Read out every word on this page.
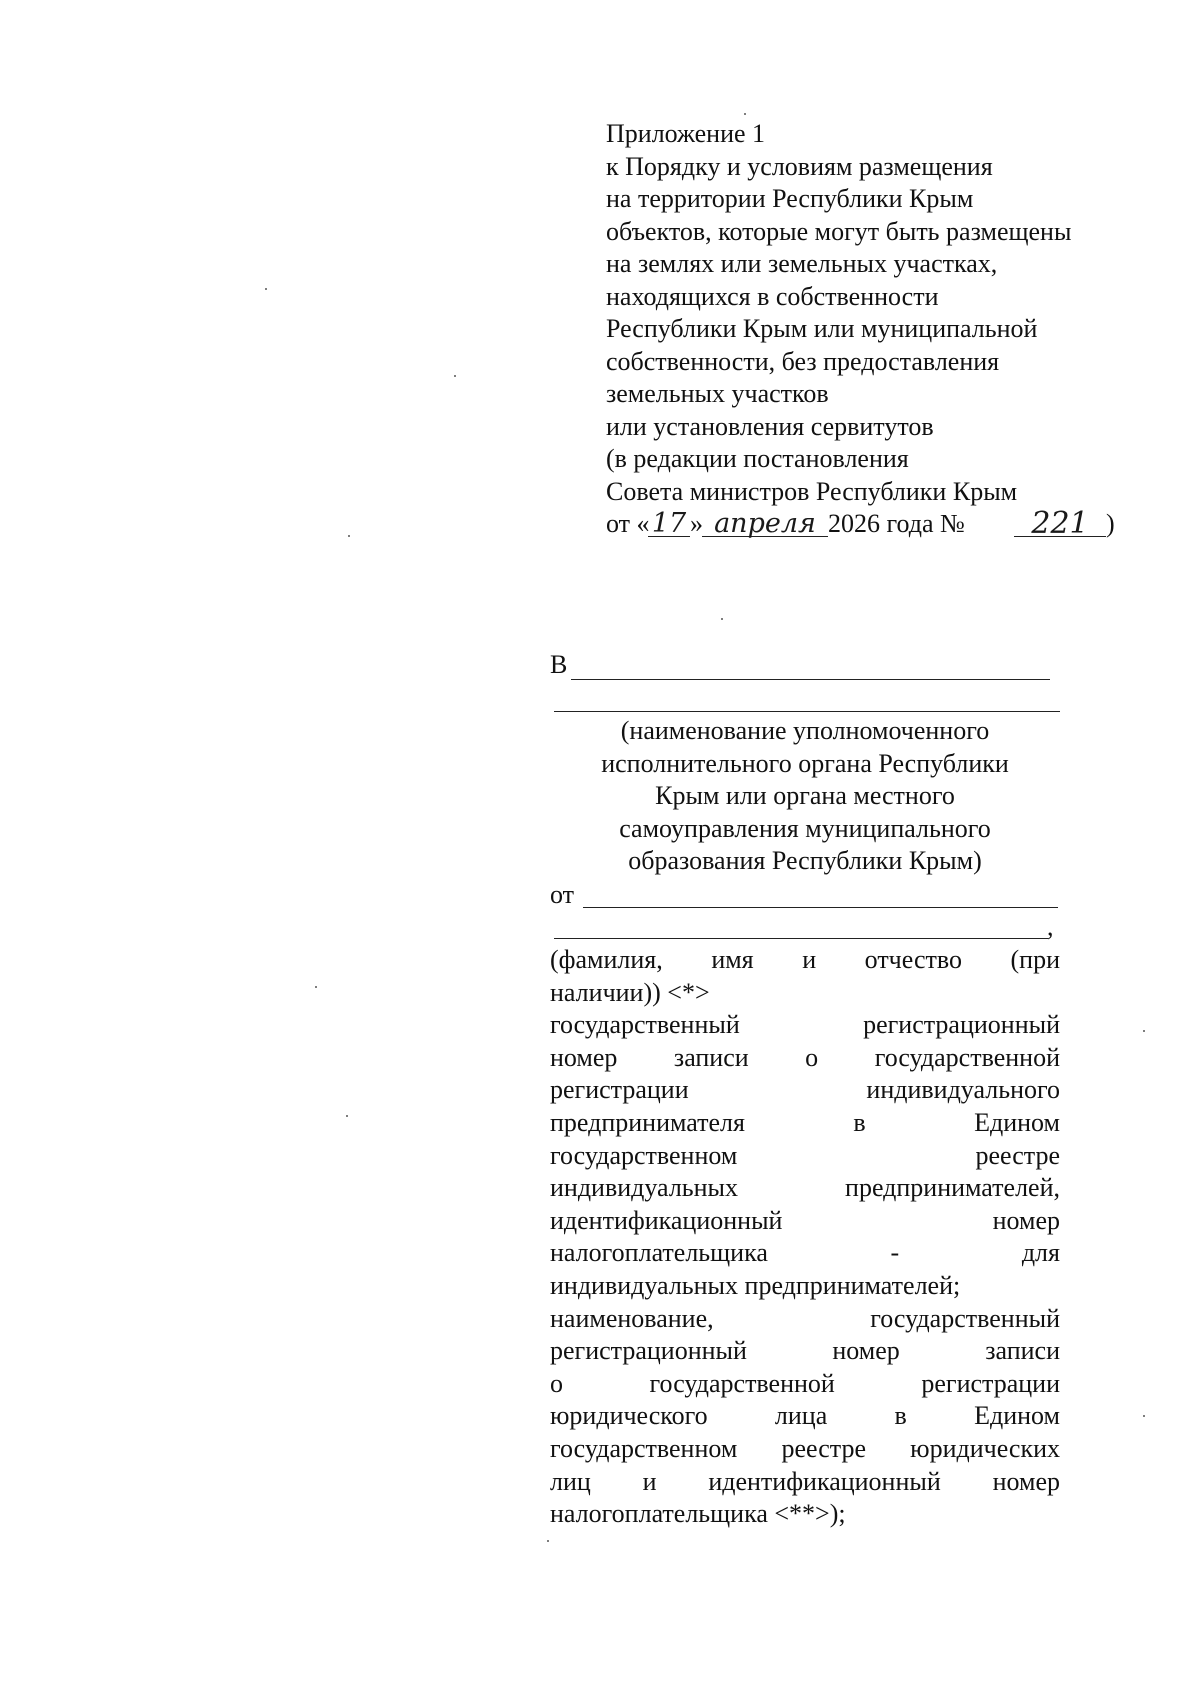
Приложение 1
к Порядку и условиям размещения
на территории Республики Крым
объектов, которые могут быть размещены
на землях или земельных участках,
находящихся в собственности
Республики Крым или муниципальной
собственности, без предоставления
земельных участков
или установления сервитутов
(в редакции постановления
Совета министров Республики Крым
от « 17 » апреля 2026 года №	221 )
В
(наименование уполномоченного
исполнительного органа Республики
Крым или органа местного
самоуправления муниципального
образования Республики Крым)
от
,
(фамилия, имя и отчество (при
наличии)) <*>
государственный регистрационный
номер записи о государственной
регистрации индивидуального
предпринимателя в Едином
государственном реестре
индивидуальных предпринимателей,
идентификационный номер
налогоплательщика - для
индивидуальных предпринимателей;
наименование, государственный
регистрационный номер записи
о государственной регистрации
юридического лица в Едином
государственном реестре юридических
лиц и идентификационный номер
налогоплательщика <**>);
